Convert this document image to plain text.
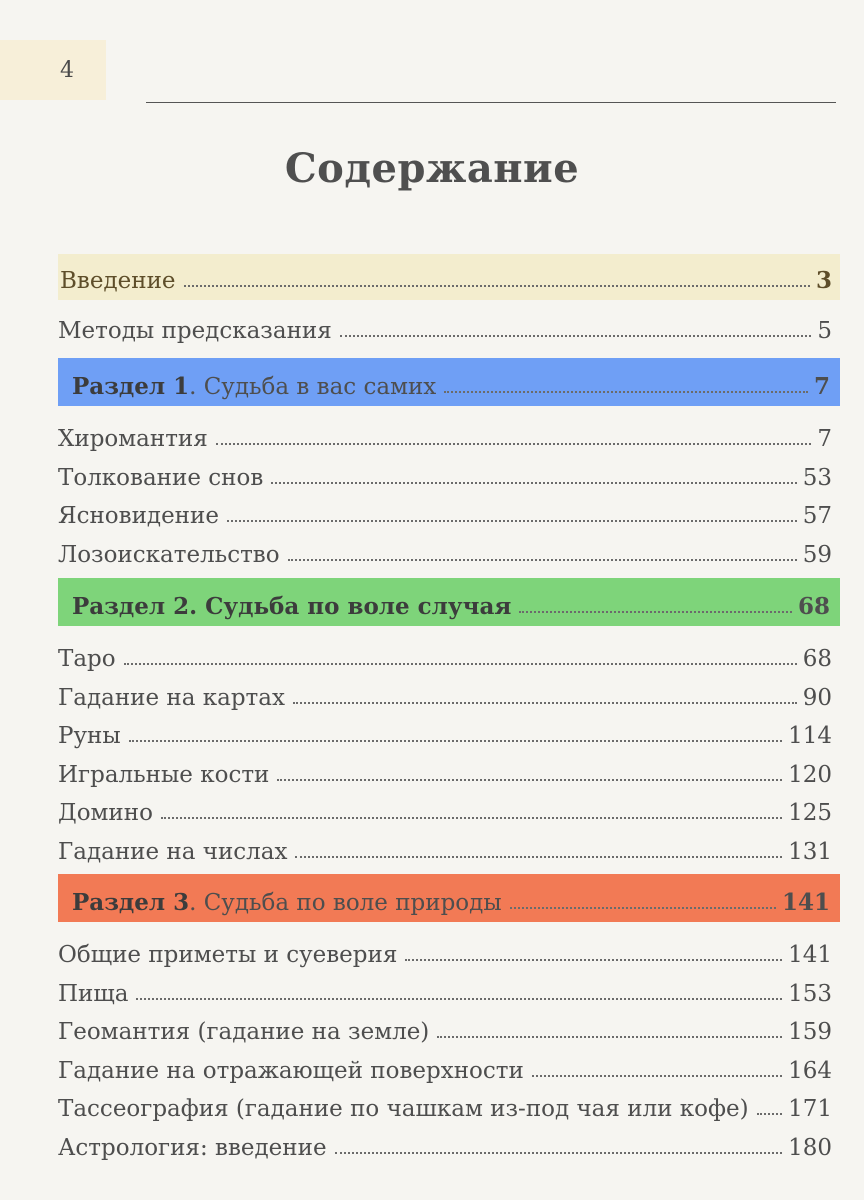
4
Содержание
Введение	3
Методы предсказания	5
Раздел 1. Судьба в вас самих	7
Хиромантия	7
Толкование снов	53
Ясновидение	57
Лозоискательство	59
Раздел 2. Судьба по воле случая	68
Таро	68
Гадание на картах	90
Руны	114
Игральные кости	120
Домино	125
Гадание на числах	131
Раздел 3. Судьба по воле природы	141
Общие приметы и суеверия	141
Пища	153
Геомантия (гадание на земле)	159
Гадание на отражающей поверхности	164
Тассеография (гадание по чашкам из-под чая или кофе) 171
Астрология: введение	180
